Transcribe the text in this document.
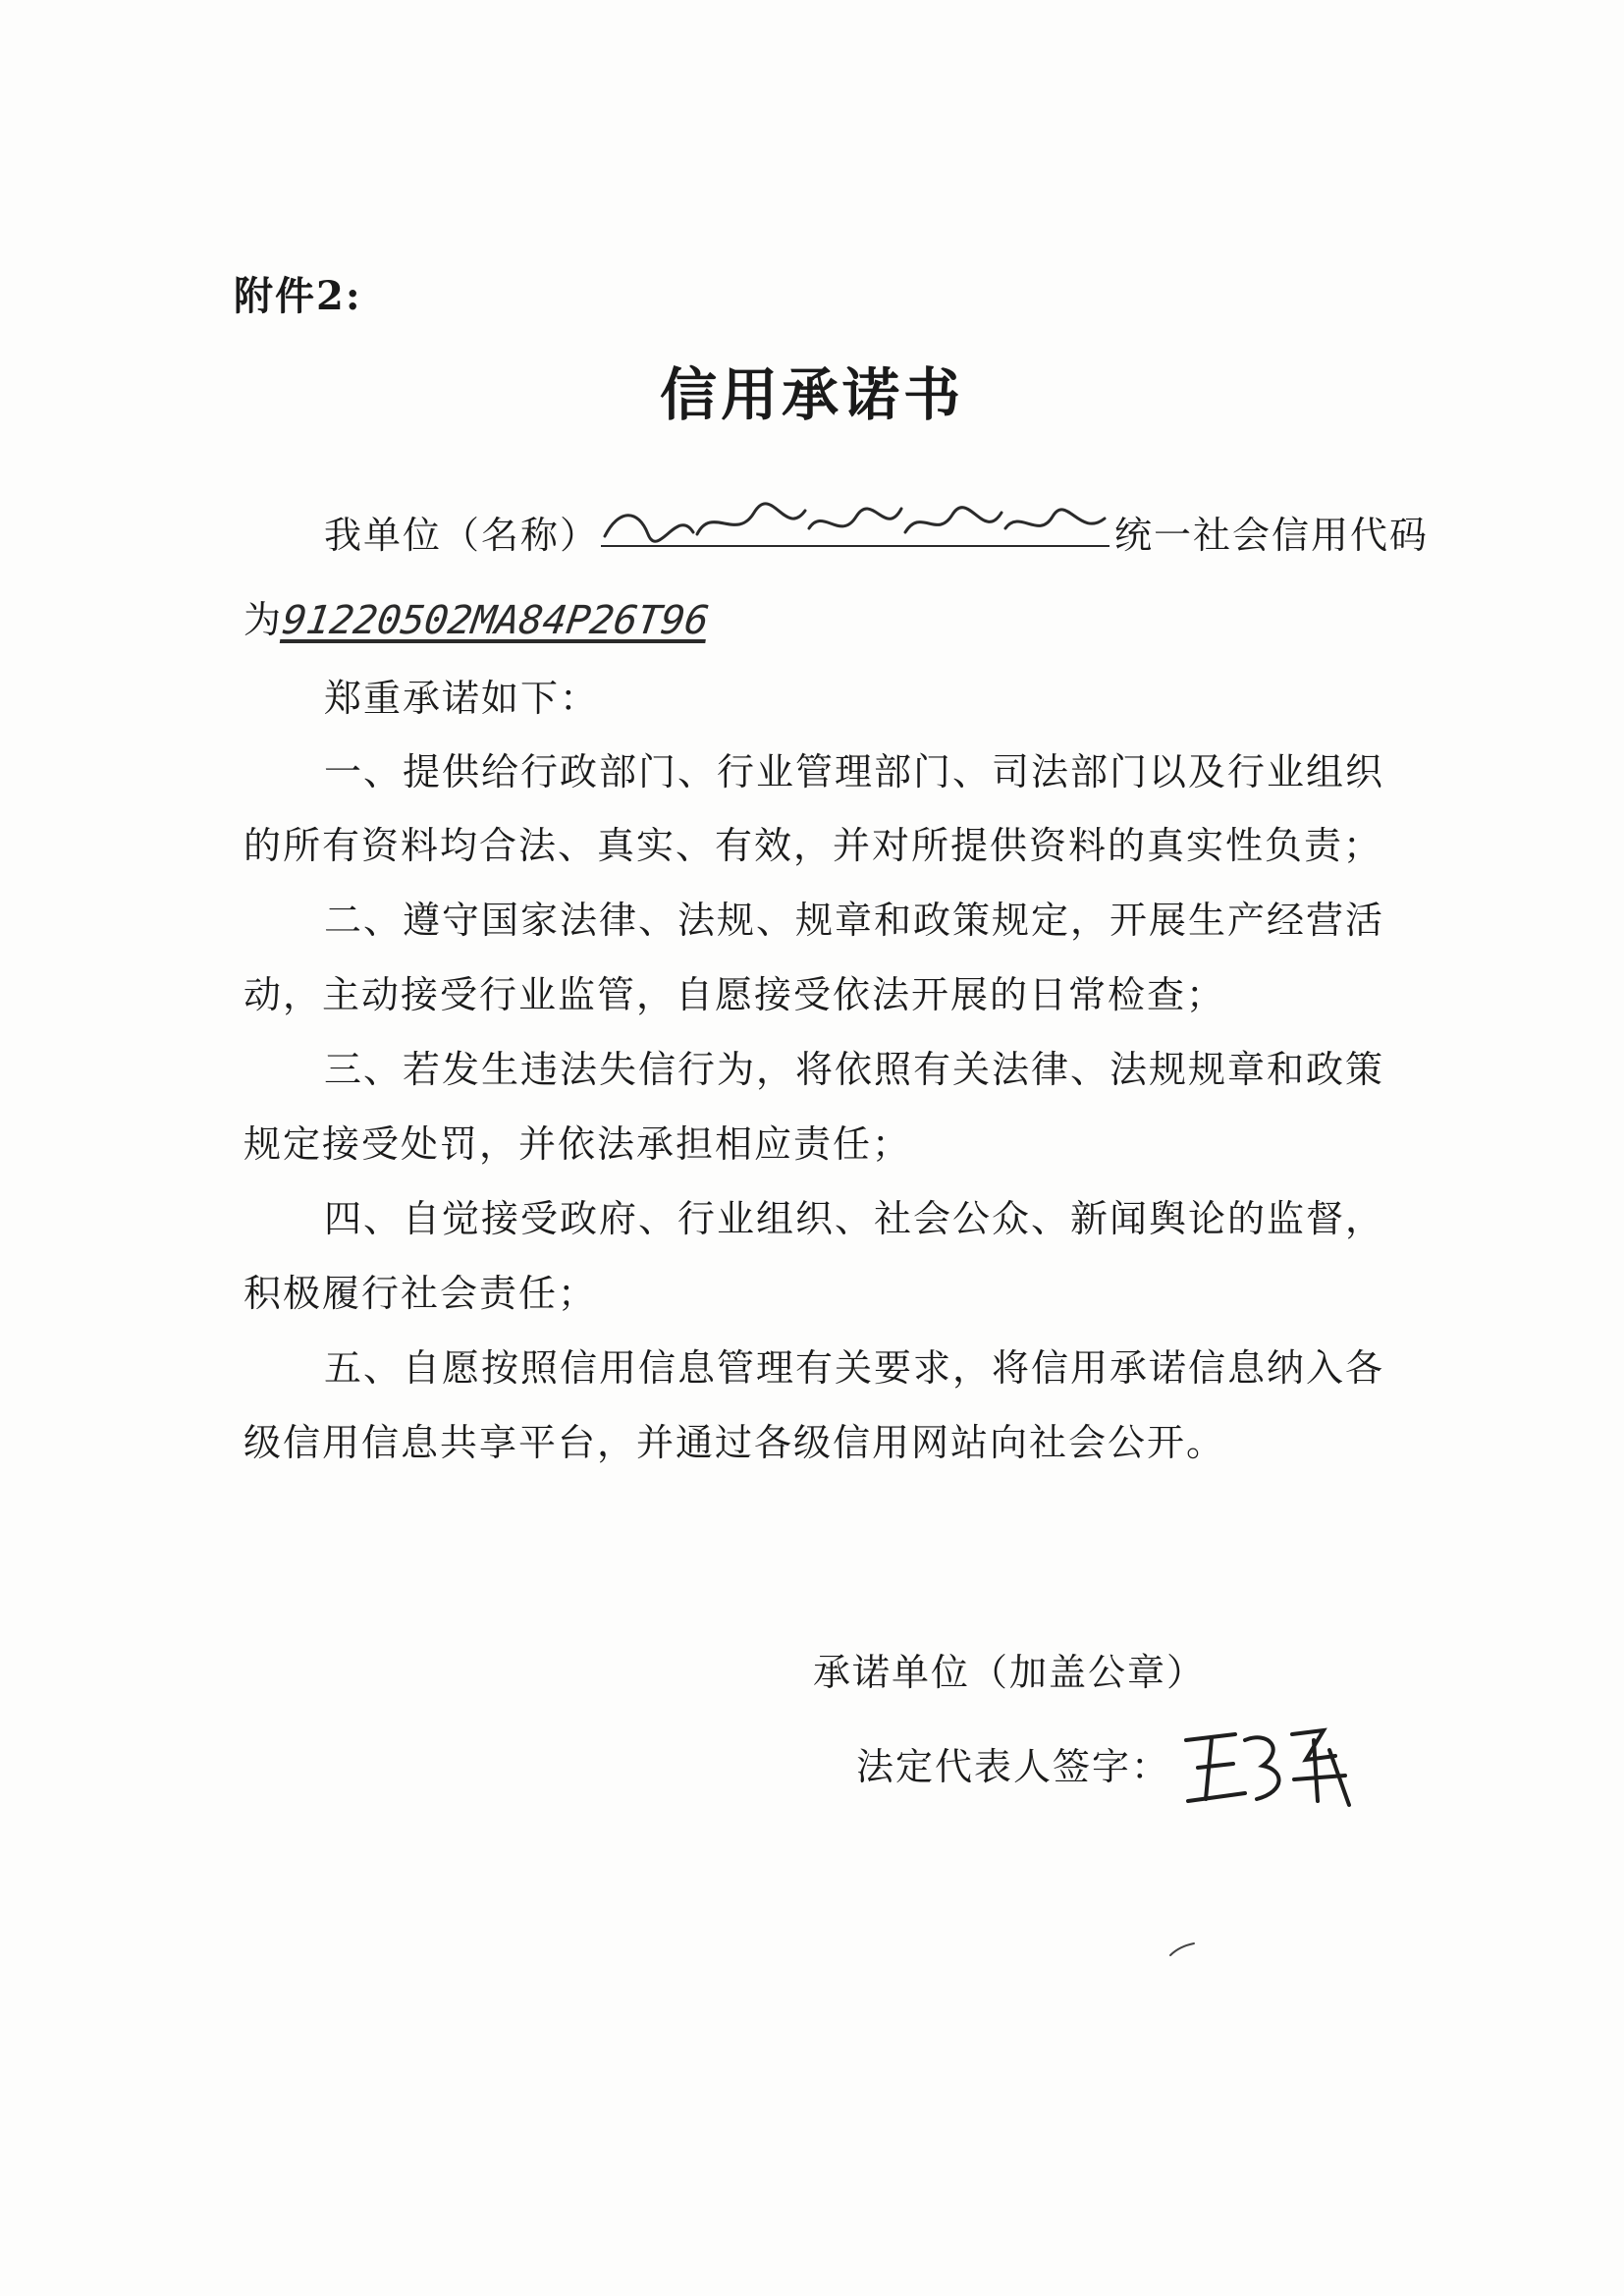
附件2:
信用承诺书
我单位（名称）	统一社会信用代码
为91220502MA84P26T96
郑重承诺如下：
一、提供给行政部门、行业管理部门、司法部门以及行业组织
的所有资料均合法、真实、有效，并对所提供资料的真实性负责；
二、遵守国家法律、法规、规章和政策规定，开展生产经营活
动，主动接受行业监管，自愿接受依法开展的日常检查；
三、若发生违法失信行为，将依照有关法律、法规规章和政策
规定接受处罚，并依法承担相应责任；
四、自觉接受政府、行业组织、社会公众、新闻舆论的监督，
积极履行社会责任；
五、自愿按照信用信息管理有关要求，将信用承诺信息纳入各
级信用信息共享平台，并通过各级信用网站向社会公开。
承诺单位（加盖公章）
法定代表人签字：
